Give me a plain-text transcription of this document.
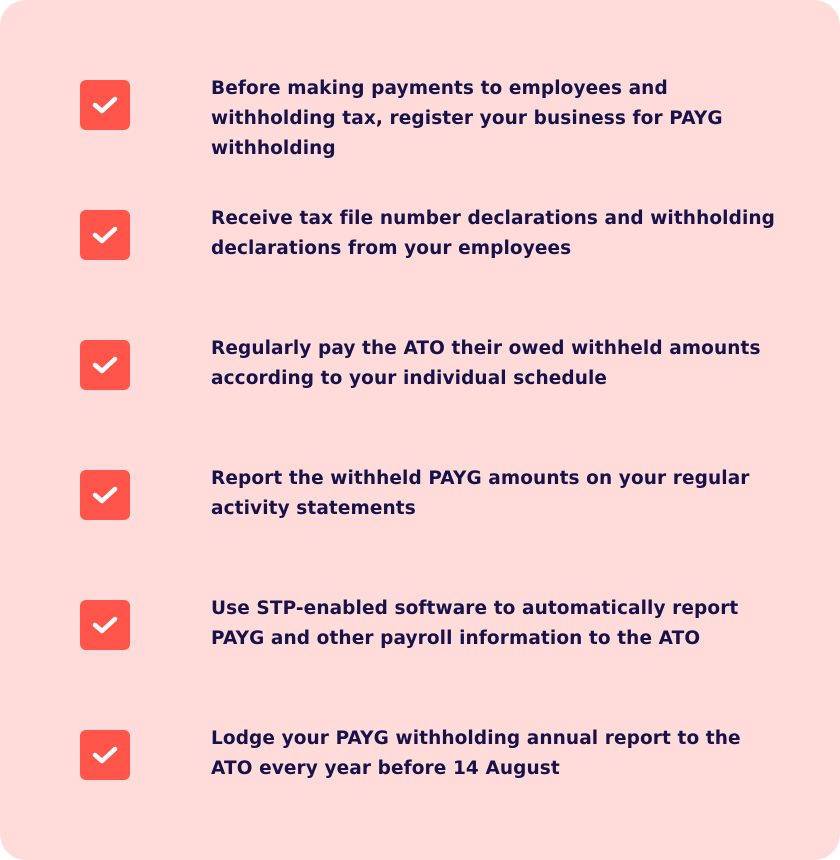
Before making payments to employees and withholding tax, register your business for PAYG withholding
Receive tax file number declarations and withholding declarations from your employees
Regularly pay the ATO their owed withheld amounts according to your individual schedule
Report the withheld PAYG amounts on your regular activity statements
Use STP-enabled software to automatically report PAYG and other payroll information to the ATO
Lodge your PAYG withholding annual report to the ATO every year before 14 August
